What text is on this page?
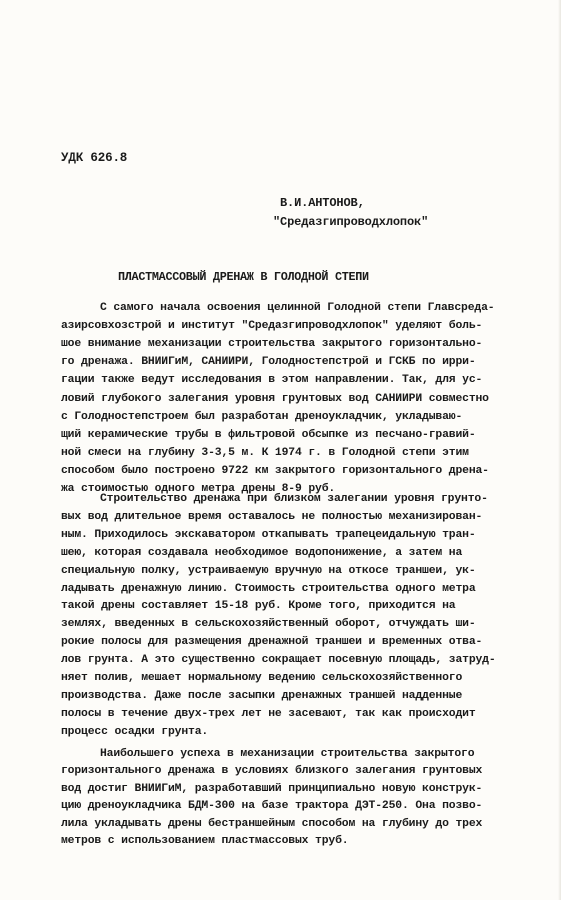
УДК 626.8
В.И.АНТОНОВ,
"Средазгипроводхлопок"
ПЛАСТМАССОВЫЙ ДРЕНАЖ В ГОЛОДНОЙ СТЕПИ
С самого начала освоения целинной Голодной степи Главсреда-
азирсовхозстрой и институт "Средазгипроводхлопок" уделяют боль-
шое внимание механизации строительства закрытого горизонтально-
го дренажа. ВНИИГиМ, САНИИРИ, Голодностепстрой и ГСКБ по ирри-
гации также ведут исследования в этом направлении. Так, для ус-
ловий глубокого залегания уровня грунтовых вод САНИИРИ совместно
с Голодностепстроем был разработан дреноукладчик, укладываю-
щий керамические трубы в фильтровой обсыпке из песчано-гравий-
ной смеси на глубину 3-3,5 м. К 1974 г. в Голодной степи этим
способом было построено 9722 км закрытого горизонтального дрена-
жа стоимостью одного метра дрены 8-9 руб.
Строительство дренажа при близком залегании уровня грунто-
вых вод длительное время оставалось не полностью механизирован-
ным. Приходилось экскаватором откапывать трапецеидальную тран-
шею, которая создавала необходимое водопонижение, а затем на
специальную полку, устраиваемую вручную на откосе траншеи, ук-
ладывать дренажную линию. Стоимость строительства одного метра
такой дрены составляет 15-18 руб. Кроме того, приходится на
землях, введенных в сельскохозяйственный оборот, отчуждать ши-
рокие полосы для размещения дренажной траншеи и временных отва-
лов грунта. А это существенно сокращает посевную площадь, затруд-
няет полив, мешает нормальному ведению сельскохозяйственного
производства. Даже после засыпки дренажных траншей надденные
полосы в течение двух-трех лет не засевают, так как происходит
процесс осадки грунта.
Наибольшего успеха в механизации строительства закрытого
горизонтального дренажа в условиях близкого залегания грунтовых
вод достиг ВНИИГиМ, разработавший принципиально новую конструк-
цию дреноукладчика БДМ-300 на базе трактора ДЭТ-250. Она позво-
лила укладывать дрены бестраншейным способом на глубину до трех
метров с использованием пластмассовых труб.
